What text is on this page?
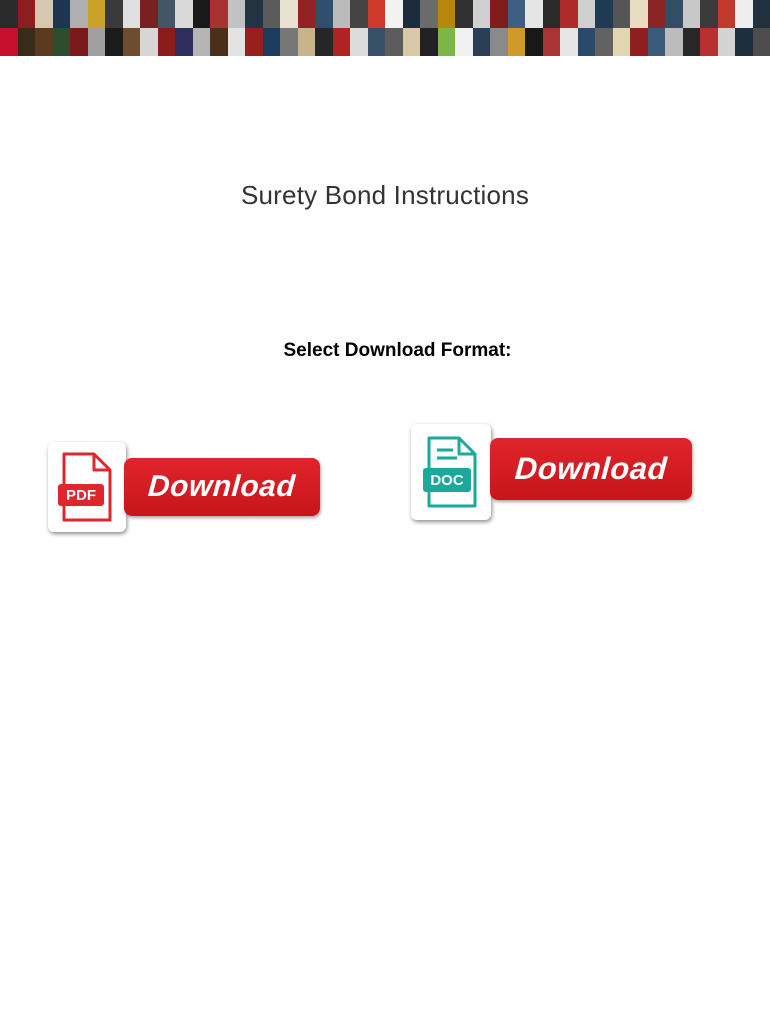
Surety Bond Instructions
Select Download Format:
PDF Download	DOC Download
